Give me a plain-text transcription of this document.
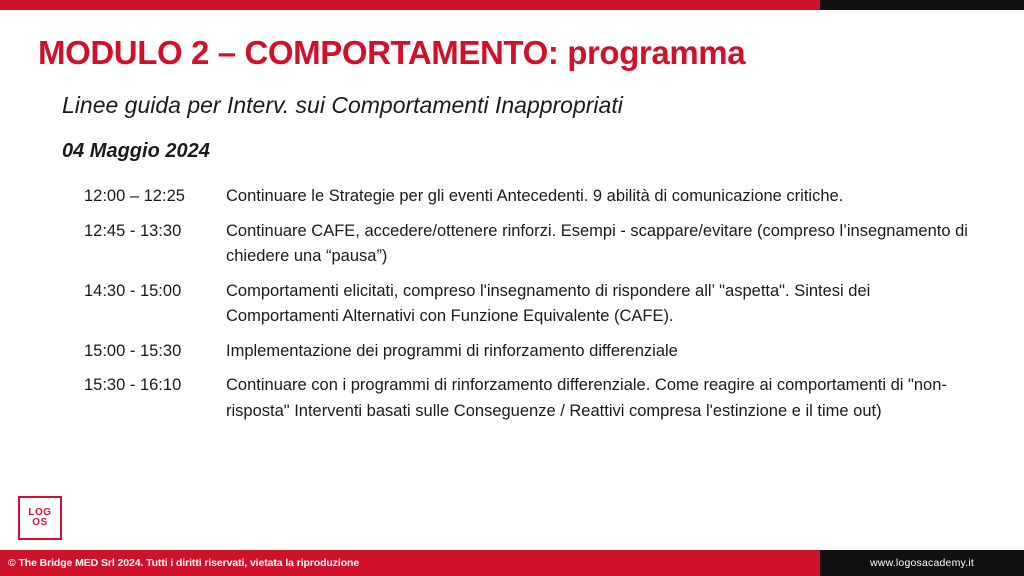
MODULO 2 – COMPORTAMENTO: programma
Linee guida per Interv. sui Comportamenti Inappropriati
04 Maggio 2024
12:00 – 12:25	Continuare le Strategie per gli eventi Antecedenti. 9 abilità di comunicazione critiche.
12:45 - 13:30	Continuare CAFE, accedere/ottenere rinforzi. Esempi - scappare/evitare (compreso l’insegnamento di chiedere una “pausa”)
14:30 - 15:00	Comportamenti elicitati, compreso l'insegnamento di rispondere all’ "aspetta". Sintesi dei Comportamenti Alternativi con Funzione Equivalente (CAFE).
15:00 - 15:30	Implementazione dei programmi di rinforzamento differenziale
15:30 - 16:10	Continuare con i programmi di rinforzamento differenziale. Come reagire ai comportamenti di "non-risposta" Interventi basati sulle Conseguenze / Reattivi compresa l'estinzione e il time out)
LOG
OS
© The Bridge MED Srl 2024. Tutti i diritti riservati, vietata la riproduzione	www.logosacademy.it
